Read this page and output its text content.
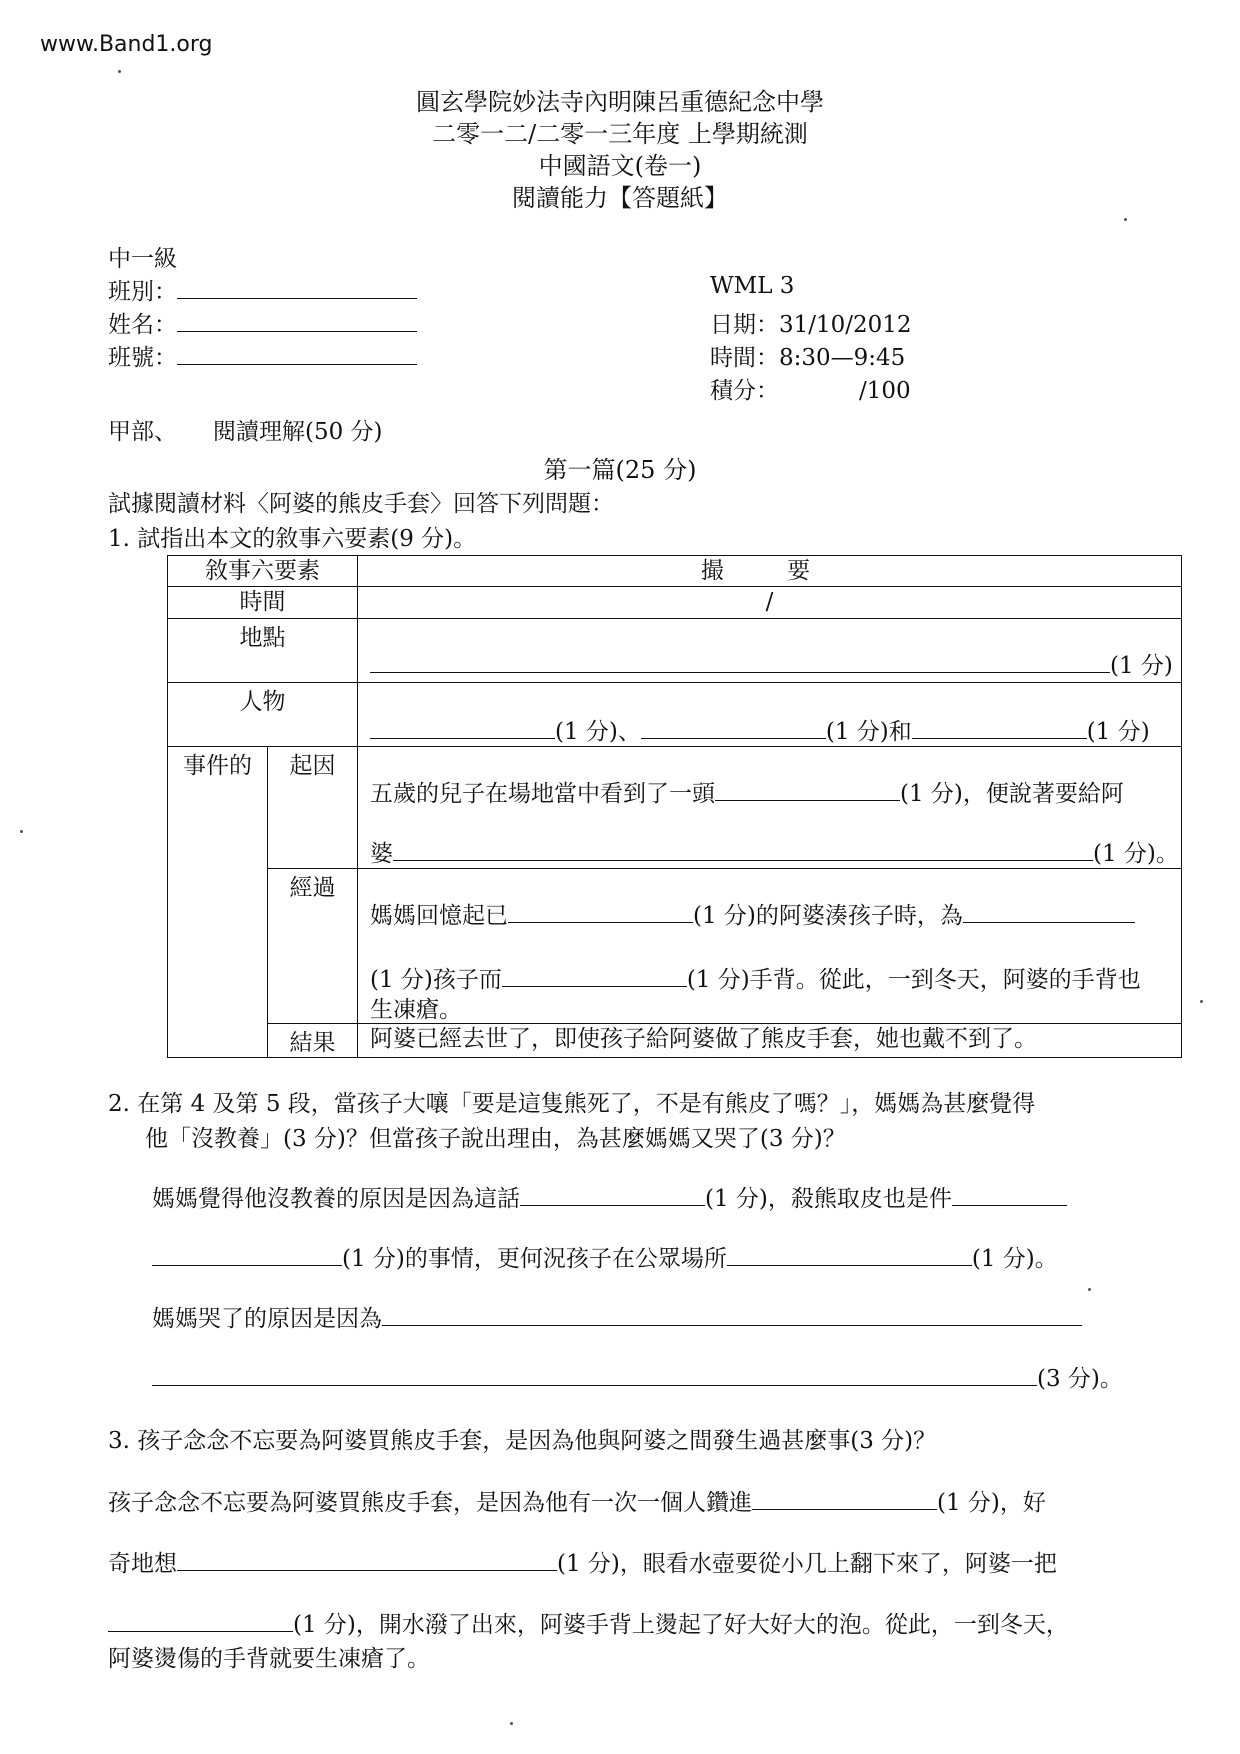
www.Band1.org
圓玄學院妙法寺內明陳呂重德紀念中學
二零一二/二零一三年度 上學期統測
中國語文(卷一)
閱讀能力【答題紙】
中一級
班別：
姓名：
班號：
WML 3
日期：31/10/2012
時間：8:30—9:45
積分：	/100
甲部、 閱讀理解(50 分)
第一篇(25 分)
試據閱讀材料〈阿婆的熊皮手套〉回答下列問題：
1. 試指出本文的敘事六要素(9 分)。
敘事六要素		撮 要
時間		/
地點		(1 分)

人物		(1 分)、 (1 分)和 (1 分)

事件的	起因	五歲的兒子在場地當中看到了一頭 (1 分)，便說著要給阿
婆 (1 分)。

	經過	媽媽回憶起已 (1 分)的阿婆湊孩子時，為
(1 分)孩子而 (1 分)手背。從此，一到冬天，阿婆的手背也
生凍瘡。

	結果	阿婆已經去世了，即使孩子給阿婆做了熊皮手套，她也戴不到了。
2. 在第 4 及第 5 段，當孩子大嚷「要是這隻熊死了，不是有熊皮了嗎？」，媽媽為甚麼覺得
他「沒教養」(3 分)？但當孩子說出理由，為甚麼媽媽又哭了(3 分)？
媽媽覺得他沒教養的原因是因為這話	(1 分)，殺熊取皮也是件
(1 分)的事情，更何況孩子在公眾場所	(1 分)。
媽媽哭了的原因是因為
(3 分)。
3. 孩子念念不忘要為阿婆買熊皮手套，是因為他與阿婆之間發生過甚麼事(3 分)？
孩子念念不忘要為阿婆買熊皮手套，是因為他有一次一個人鑽進	(1 分)，好
奇地想	(1 分)，眼看水壺要從小几上翻下來了，阿婆一把
(1 分)，開水潑了出來，阿婆手背上燙起了好大好大的泡。從此，一到冬天，
阿婆燙傷的手背就要生凍瘡了。
